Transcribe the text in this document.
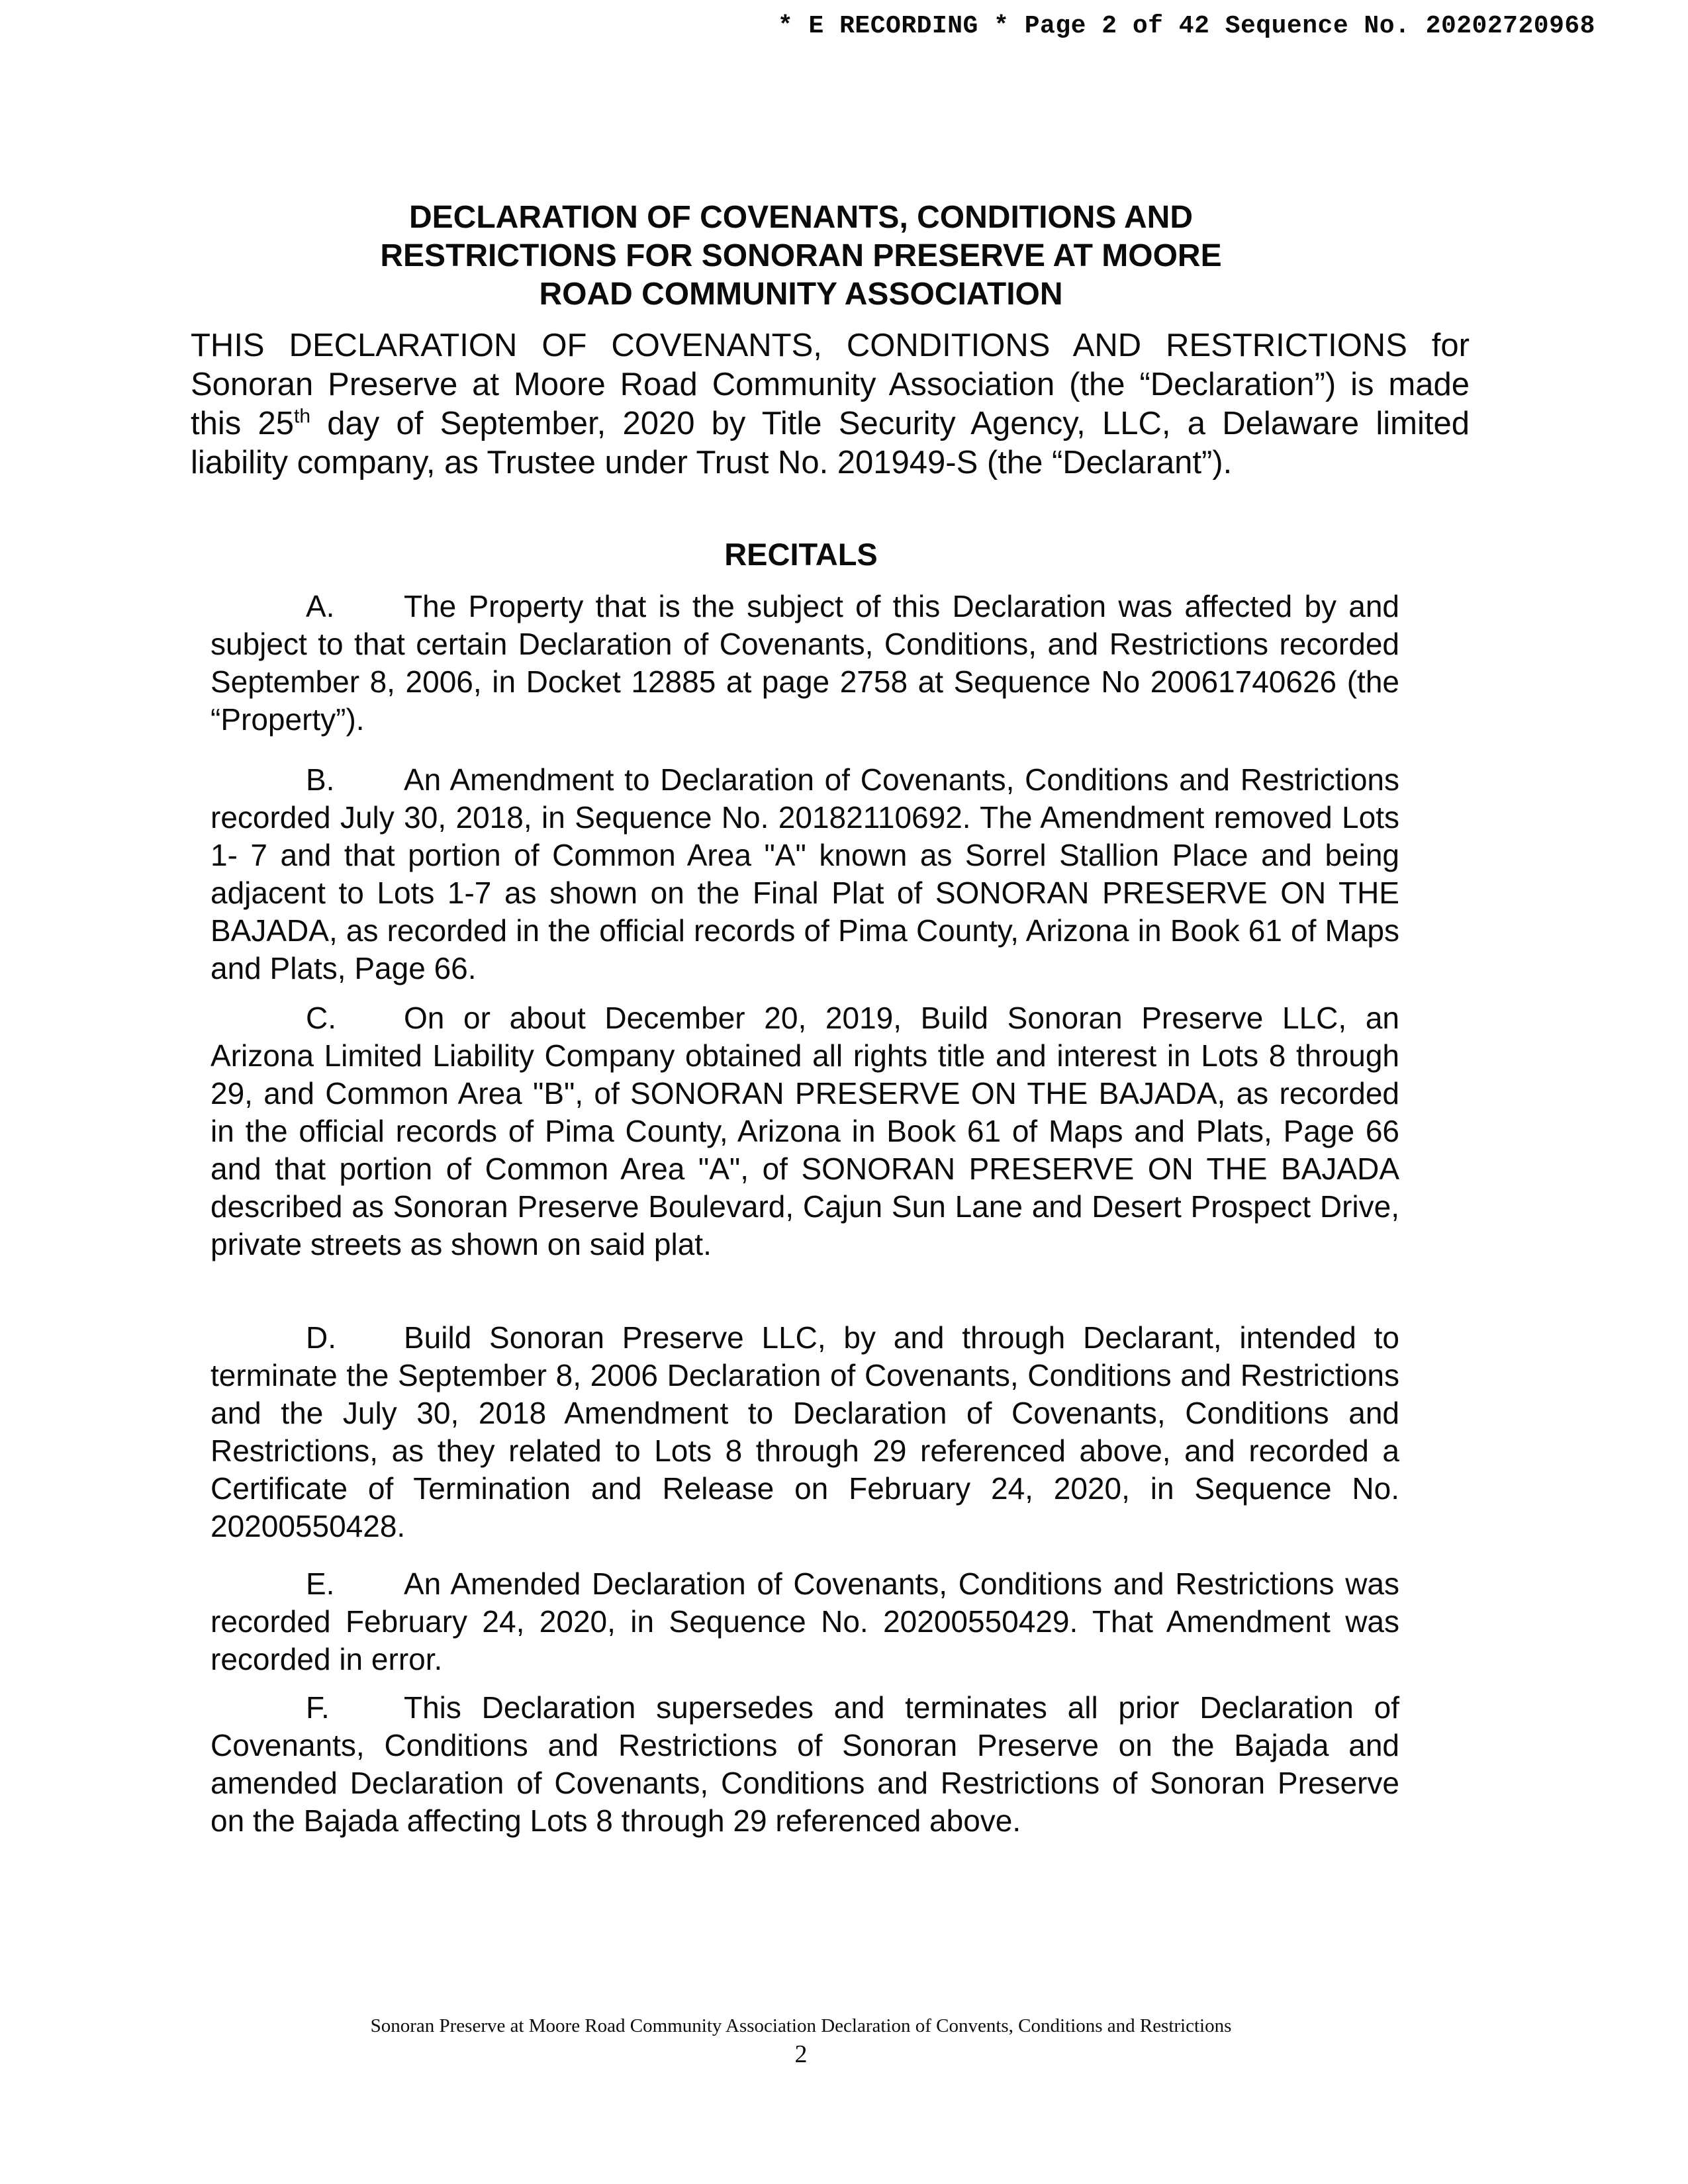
* E RECORDING * Page 2 of 42 Sequence No. 20202720968
DECLARATION OF COVENANTS, CONDITIONS AND
RESTRICTIONS FOR SONORAN PRESERVE AT MOORE
ROAD COMMUNITY ASSOCIATION

THIS DECLARATION OF COVENANTS, CONDITIONS AND RESTRICTIONS for Sonoran Preserve at Moore Road Community Association (the “Declaration”) is made this 25th day of September, 2020 by Title Security Agency, LLC, a Delaware limited liability company, as Trustee under Trust No. 201949-S (the “Declarant”).

RECITALS

A. The Property that is the subject of this Declaration was affected by and subject to that certain Declaration of Covenants, Conditions, and Restrictions recorded September 8, 2006, in Docket 12885 at page 2758 at Sequence No 20061740626 (the “Property”).

B. An Amendment to Declaration of Covenants, Conditions and Restrictions recorded July 30, 2018, in Sequence No. 20182110692. The Amendment removed Lots 1- 7 and that portion of Common Area "A" known as Sorrel Stallion Place and being adjacent to Lots 1-7 as shown on the Final Plat of SONORAN PRESERVE ON THE BAJADA, as recorded in the official records of Pima County, Arizona in Book 61 of Maps and Plats, Page 66.

C. On or about December 20, 2019, Build Sonoran Preserve LLC, an Arizona Limited Liability Company obtained all rights title and interest in Lots 8 through 29, and Common Area "B", of SONORAN PRESERVE ON THE BAJADA, as recorded in the official records of Pima County, Arizona in Book 61 of Maps and Plats, Page 66 and that portion of Common Area "A", of SONORAN PRESERVE ON THE BAJADA described as Sonoran Preserve Boulevard, Cajun Sun Lane and Desert Prospect Drive, private streets as shown on said plat.

D. Build Sonoran Preserve LLC, by and through Declarant, intended to terminate the September 8, 2006 Declaration of Covenants, Conditions and Restrictions and the July 30, 2018 Amendment to Declaration of Covenants, Conditions and Restrictions, as they related to Lots 8 through 29 referenced above, and recorded a Certificate of Termination and Release on February 24, 2020, in Sequence No. 20200550428.

E. An Amended Declaration of Covenants, Conditions and Restrictions was recorded February 24, 2020, in Sequence No. 20200550429. That Amendment was recorded in error.

F. This Declaration supersedes and terminates all prior Declaration of Covenants, Conditions and Restrictions of Sonoran Preserve on the Bajada and amended Declaration of Covenants, Conditions and Restrictions of Sonoran Preserve on the Bajada affecting Lots 8 through 29 referenced above.

Sonoran Preserve at Moore Road Community Association Declaration of Convents, Conditions and Restrictions
2
